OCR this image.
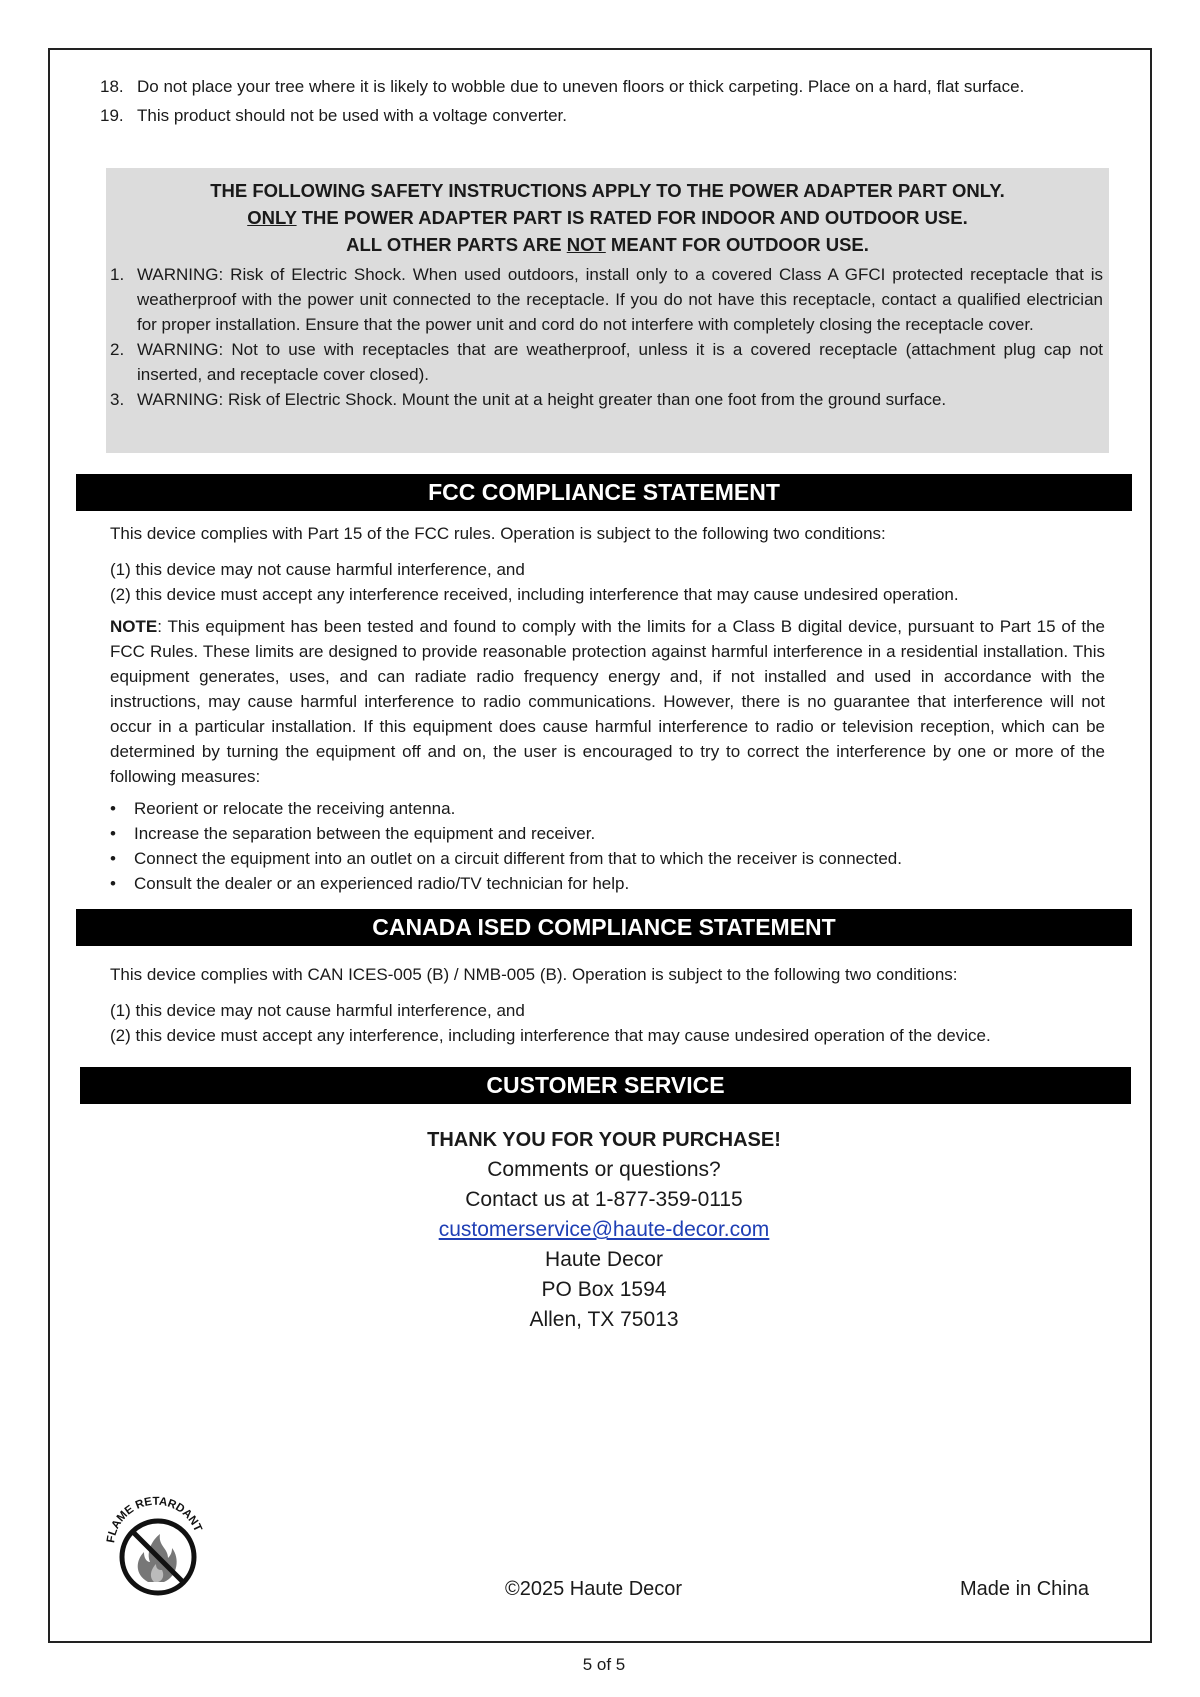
18. Do not place your tree where it is likely to wobble due to uneven floors or thick carpeting. Place on a hard, flat surface.
19. This product should not be used with a voltage converter.
THE FOLLOWING SAFETY INSTRUCTIONS APPLY TO THE POWER ADAPTER PART ONLY.
ONLY THE POWER ADAPTER PART IS RATED FOR INDOOR AND OUTDOOR USE.
ALL OTHER PARTS ARE NOT MEANT FOR OUTDOOR USE.
1. WARNING: Risk of Electric Shock. When used outdoors, install only to a covered Class A GFCI protected receptacle that is weatherproof with the power unit connected to the receptacle. If you do not have this receptacle, contact a qualified electrician for proper installation. Ensure that the power unit and cord do not interfere with completely closing the receptacle cover.
2. WARNING: Not to use with receptacles that are weatherproof, unless it is a covered receptacle (attachment plug cap not inserted, and receptacle cover closed).
3. WARNING: Risk of Electric Shock. Mount the unit at a height greater than one foot from the ground surface.
FCC COMPLIANCE STATEMENT
This device complies with Part 15 of the FCC rules. Operation is subject to the following two conditions:
(1) this device may not cause harmful interference, and
(2) this device must accept any interference received, including interference that may cause undesired operation.
NOTE: This equipment has been tested and found to comply with the limits for a Class B digital device, pursuant to Part 15 of the FCC Rules. These limits are designed to provide reasonable protection against harmful interference in a residential installation. This equipment generates, uses, and can radiate radio frequency energy and, if not installed and used in accordance with the instructions, may cause harmful interference to radio communications. However, there is no guarantee that interference will not occur in a particular installation. If this equipment does cause harmful interference to radio or television reception, which can be determined by turning the equipment off and on, the user is encouraged to try to correct the interference by one or more of the following measures:
•	Reorient or relocate the receiving antenna.
•	Increase the separation between the equipment and receiver.
•	Connect the equipment into an outlet on a circuit different from that to which the receiver is connected.
•	Consult the dealer or an experienced radio/TV technician for help.
CANADA ISED COMPLIANCE STATEMENT
This device complies with CAN ICES-005 (B) / NMB-005 (B). Operation is subject to the following two conditions:
(1) this device may not cause harmful interference, and
(2) this device must accept any interference, including interference that may cause undesired operation of the device.
CUSTOMER SERVICE
THANK YOU FOR YOUR PURCHASE!
Comments or questions?
Contact us at 1-877-359-0115
customerservice@haute-decor.com
Haute Decor
PO Box 1594
Allen, TX 75013
FLAME RETARDANT
©2025 Haute Decor	Made in China
5 of 5
